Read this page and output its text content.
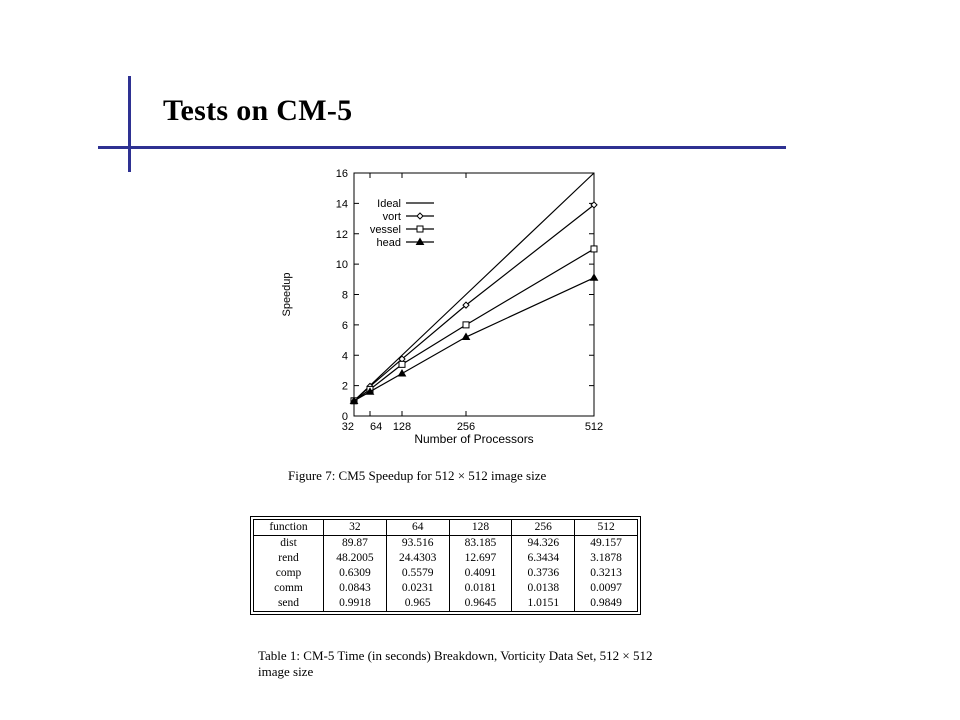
Tests on CM-5
0
2
4
6
8
10
12
14
16
32 64 128	256	512
Number of Processors
Speedup
Ideal
vort
vessel
head

Figure 7: CM5 Speedup for 512 × 512 image size

function	32	64	128	256	512
dist	89.87	93.516	83.185	94.326	49.157
rend	48.2005	24.4303	12.697	6.3434	3.1878
comp	0.6309	0.5579	0.4091	0.3736	0.3213
comm	0.0843	0.0231	0.0181	0.0138	0.0097
send	0.9918	0.965	0.9645	1.0151	0.9849

Table 1: CM-5 Time (in seconds) Breakdown, Vorticity Data Set, 512 × 512 image size
